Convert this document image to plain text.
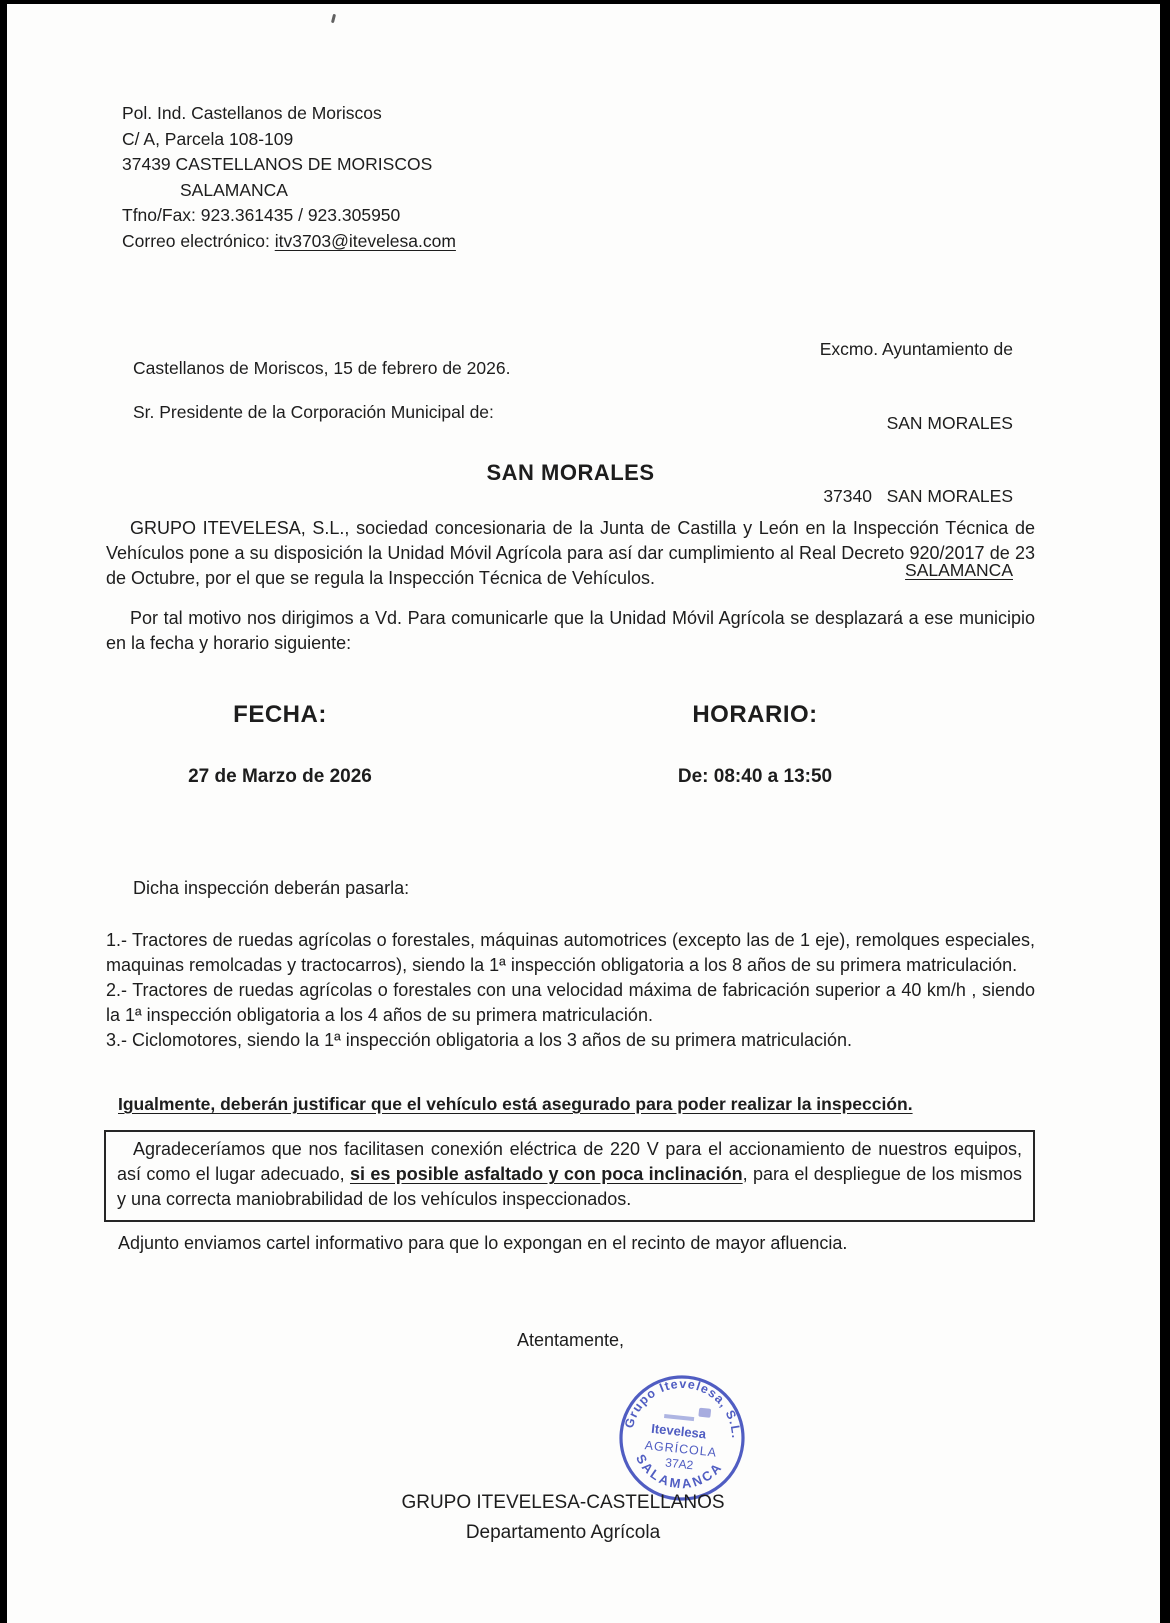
Pol. Ind. Castellanos de Moriscos
C/ A, Parcela 108-109
37439 CASTELLANOS DE MORISCOS
SALAMANCA
Tfno/Fax: 923.361435 / 923.305950
Correo electrónico: itv3703@itevelesa.com

Excmo. Ayuntamiento de

SAN MORALES

37340   SAN MORALES

SALAMANCA

Castellanos de Moriscos, 15 de febrero de 2026.
Sr. Presidente de la Corporación Municipal de:
SAN MORALES

GRUPO ITEVELESA, S.L., sociedad concesionaria de la Junta de Castilla y León en la Inspección Técnica de Vehículos pone a su disposición la Unidad Móvil Agrícola para así dar cumplimiento al Real Decreto 920/2017 de 23 de Octubre, por el que se regula la Inspección Técnica de Vehículos.

Por tal motivo nos dirigimos a Vd. Para comunicarle que la Unidad Móvil Agrícola se desplazará a ese municipio en la fecha y horario siguiente:

FECHA:	HORARIO:
27 de Marzo de 2026	De: 08:40 a 13:50
Dicha inspección deberán pasarla:

1.- Tractores de ruedas agrícolas o forestales, máquinas automotrices (excepto las de 1 eje), remolques especiales, maquinas remolcadas y tractocarros), siendo la 1ª inspección obligatoria a los 8 años de su primera matriculación.

2.- Tractores de ruedas agrícolas o forestales con una velocidad máxima de fabricación superior a 40 km/h , siendo la 1ª inspección obligatoria a los 4 años de su primera matriculación.

3.- Ciclomotores, siendo la 1ª inspección obligatoria a los 3 años de su primera matriculación.

Igualmente, deberán justificar que el vehículo está asegurado para poder realizar la inspección.

Agradeceríamos que nos facilitasen conexión eléctrica de 220 V para el accionamiento de nuestros equipos, así como el lugar adecuado, si es posible asfaltado y con poca inclinación, para el despliegue de los mismos y una correcta maniobrabilidad de los vehículos inspeccionados.

Adjunto enviamos cartel informativo para que lo expongan en el recinto de mayor afluencia.
Atentamente,
Grupo Itevelesa, S.L.
SALAMANCA
Itevelesa
AGRÍCOLA
37A2
GRUPO ITEVELESA-CASTELLANOS
Departamento Agrícola
